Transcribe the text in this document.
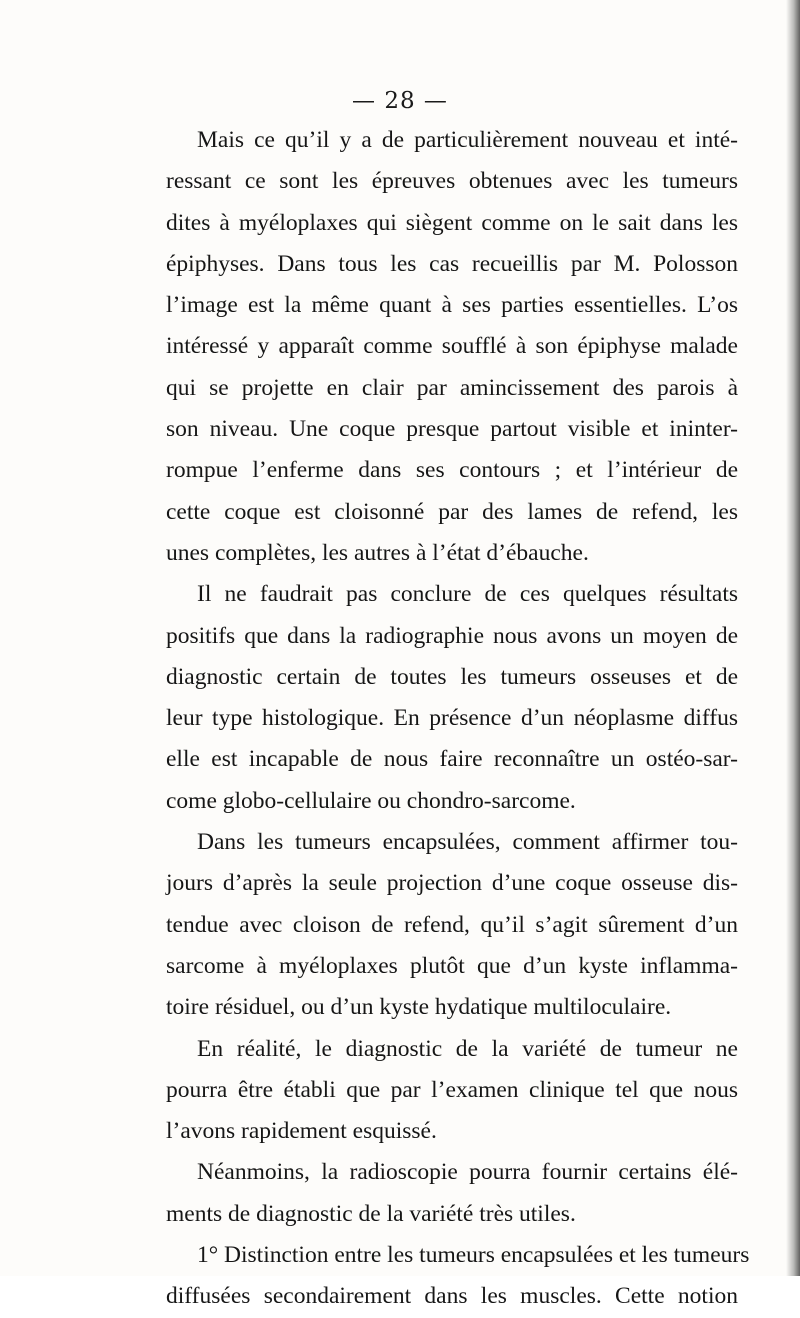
— 28 —
Mais ce qu’il y a de particulièrement nouveau et inté-
ressant ce sont les épreuves obtenues avec les tumeurs
dites à myéloplaxes qui siègent comme on le sait dans les
épiphyses. Dans tous les cas recueillis par M. Polosson
l’image est la même quant à ses parties essentielles. L’os
intéressé y apparaît comme soufflé à son épiphyse malade
qui se projette en clair par amincissement des parois à
son niveau. Une coque presque partout visible et ininter-
rompue l’enferme dans ses contours ; et l’intérieur de
cette coque est cloisonné par des lames de refend, les
unes complètes, les autres à l’état d’ébauche.
Il ne faudrait pas conclure de ces quelques résultats
positifs que dans la radiographie nous avons un moyen de
diagnostic certain de toutes les tumeurs osseuses et de
leur type histologique. En présence d’un néoplasme diffus
elle est incapable de nous faire reconnaître un ostéo-sar-
come globo-cellulaire ou chondro-sarcome.
Dans les tumeurs encapsulées, comment affirmer tou-
jours d’après la seule projection d’une coque osseuse dis-
tendue avec cloison de refend, qu’il s’agit sûrement d’un
sarcome à myéloplaxes plutôt que d’un kyste inflamma-
toire résiduel, ou d’un kyste hydatique multiloculaire.
En réalité, le diagnostic de la variété de tumeur ne
pourra être établi que par l’examen clinique tel que nous
l’avons rapidement esquissé.
Néanmoins, la radioscopie pourra fournir certains élé-
ments de diagnostic de la variété très utiles.
1° Distinction entre les tumeurs encapsulées et les tumeurs
diffusées secondairement dans les muscles. Cette notion
